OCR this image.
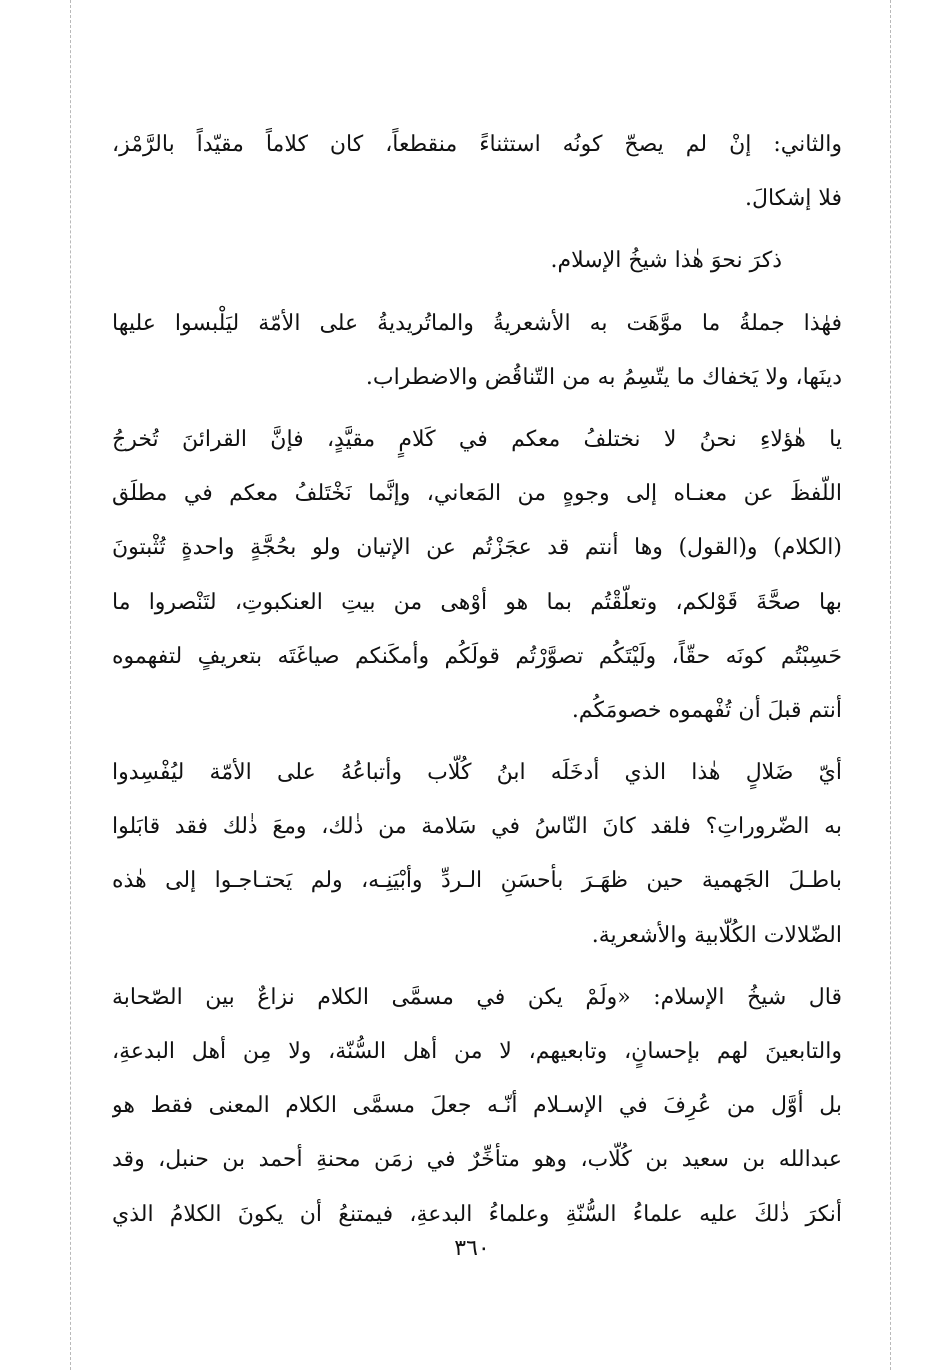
والثاني: إنْ لم يصحّ كونُه استثناءً منقطعاً، كان كلاماً مقيّداً بالرَّمْز،
فلا إشكالَ.
ذكرَ نحوَ هٰذا شيخُ الإسلام.
فهٰذا جملةُ ما موَّهَت به الأشعريةُ والماتُريديةُ على الأمّة ليَلْبسوا عليها
دينَها، ولا يَخفاك ما يتّسِمُ به من التّناقُض والاضطراب.
يا هٰؤلاءِ نحنُ لا نختلفُ معكم في كَلامٍ مقيَّدٍ، فإنَّ القرائنَ تُخرجُ
اللّفظَ عن معنـاه إلى وجوهٍ من المَعاني، وإنَّما نَخْتَلفُ معكم في مطلَق
(الكلام) و(القول) وها أنتم قد عجَزْتُم عن الإتيان ولو بحُجَّةٍ واحدةٍ تُثْبتونَ
بها صحَّةَ قَوْلكم، وتعلّقْتُم بما هو أوْهى من بيتِ العنكبوتِ، لتَنْصروا ما
حَسِبْتُم كونَه حقّاً، ولَيْتَكُم تصوَّرْتُم قولَكُم وأمكَنكم صياغَتَه بتعريفٍ لتفهموه
أنتم قبلَ أن تُفْهموه خصومَكُم.
أيّ ضَلالٍ هٰذا الذي أدخَلَه ابنُ كُلّاب وأتباعُهُ على الأمّة ليُفْسِدوا
به الضّروراتِ؟ فلقد كانَ النّاسُ في سَلامة من ذٰلك، ومعَ ذٰلك فقد قابَلوا
باطـلَ الجَهمية حين ظهَـرَ بأحسَنِ الـردِّ وأبْيَنِـه، ولم يَحتـاجـوا إلى هٰذه
الضّلالات الكُلّابية والأشعرية.
قال شيخُ الإسلام: «ولَمْ يكن في مسمَّى الكلام نزاعٌ بين الصّحابة
والتابعينَ لهم بإحسانٍ، وتابعيهم، لا من أهل السُّنّة، ولا مِن أهل البدعةِ،
بل أوَّل من عُرِفَ في الإسـلام أنّـه جعلَ مسمَّى الكلام المعنى فقط هو
عبدالله بن سعيد بن كُلّاب، وهو متأخِّرٌ في زمَن محنةِ أحمد بن حنبل، وقد
أنكرَ ذٰلكَ عليه علماءُ السُّنّةِ وعلماءُ البدعةِ، فيمتنعُ أن يكونَ الكلامُ الذي
٣٦٠
